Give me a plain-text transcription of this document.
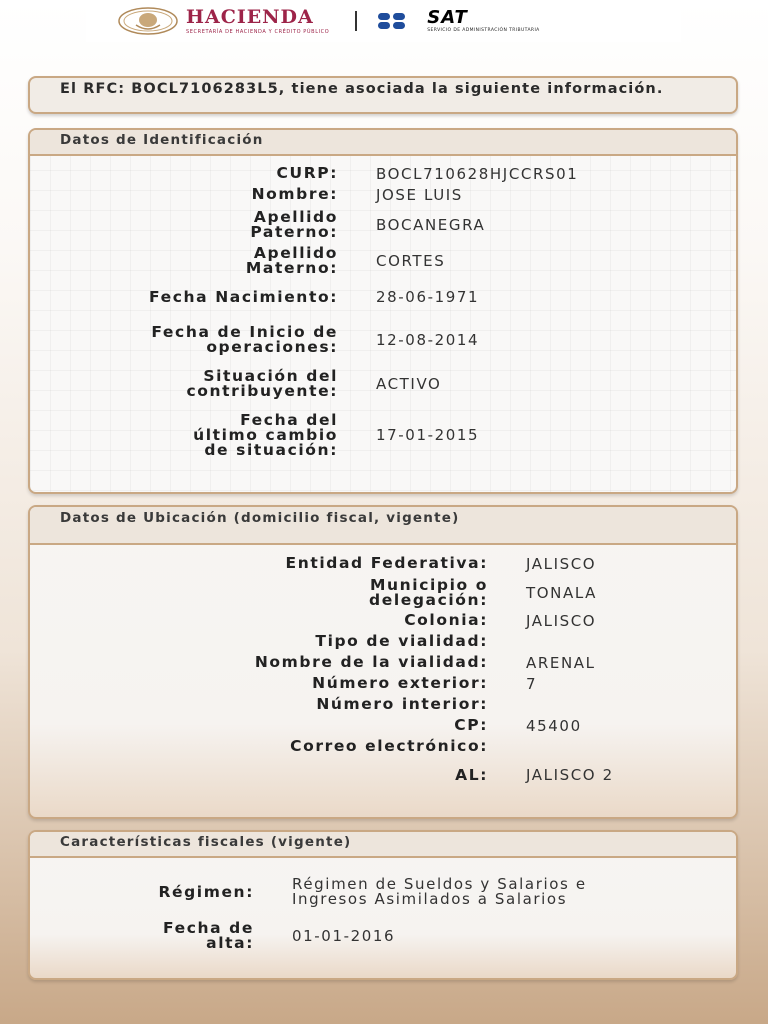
HACIENDA
SECRETARÍA DE HACIENDA Y CRÉDITO PÚBLICO
SAT
SERVICIO DE ADMINISTRACIÓN TRIBUTARIA
El RFC: BOCL7106283L5, tiene asociada la siguiente información.
Datos de Identificación
CURP:	BOCL710628HJCCRS01
Nombre:	JOSE LUIS
Apellido Paterno:	BOCANEGRA
Apellido Materno:	CORTES
Fecha Nacimiento:	28-06-1971
Fecha de Inicio de operaciones:	12-08-2014
Situación del contribuyente:	ACTIVO
Fecha del último cambio de situación:
17-01-2015
Datos de Ubicación (domicilio fiscal, vigente)
Entidad Federativa:	JALISCO
Municipio o delegación:	TONALA
Colonia:	JALISCO
Tipo de vialidad:
Nombre de la vialidad:	ARENAL
Número exterior:	7
Número interior:
CP:	45400
Correo electrónico:
AL:	JALISCO 2
Características fiscales (vigente)
Régimen:	Régimen de Sueldos y Salarios e Ingresos Asimilados a Salarios
Fecha de alta:	01-01-2016
